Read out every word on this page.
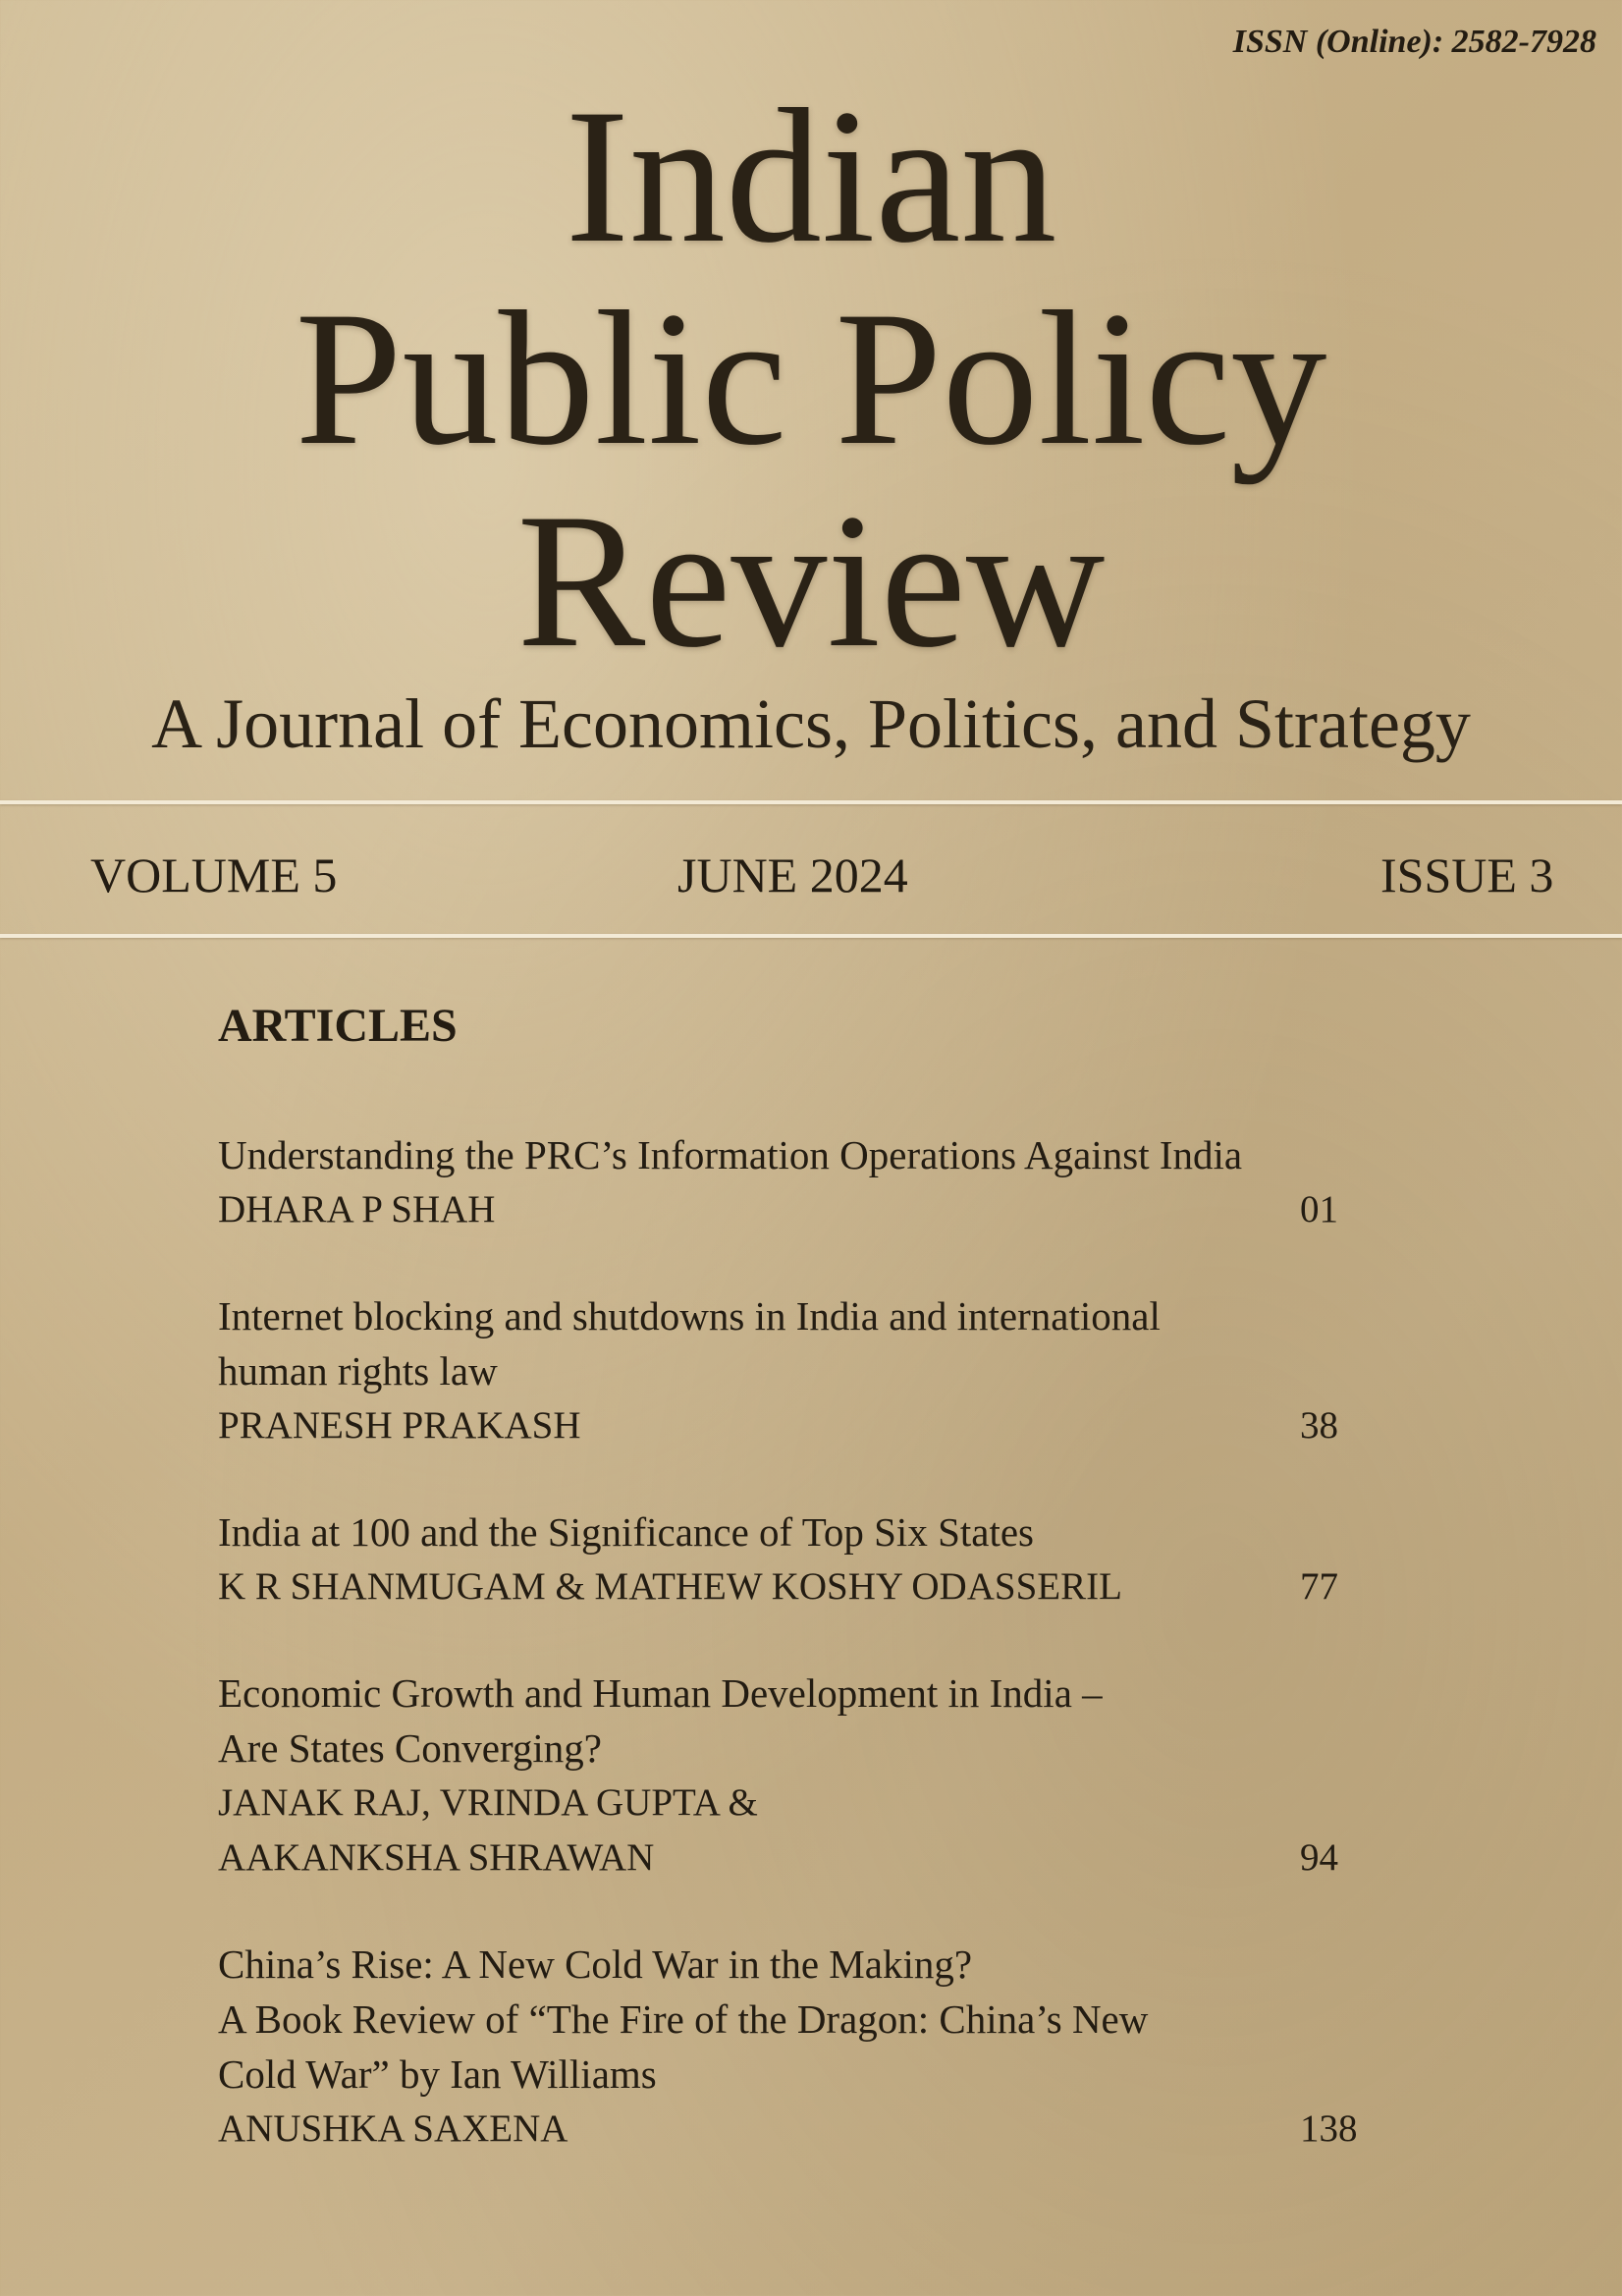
ISSN (Online): 2582-7928
Indian
Public Policy
Review
A Journal of Economics, Politics, and Strategy
VOLUME 5	JUNE 2024	ISSUE 3
ARTICLES

Understanding the PRC’s Information Operations Against India

DHARA P SHAH	01

Internet blocking and shutdowns in India and international

human rights law

PRANESH PRAKASH	38

India at 100 and the Significance of Top Six States

K R SHANMUGAM & MATHEW KOSHY ODASSERIL	77

Economic Growth and Human Development in India –

Are States Converging?

JANAK RAJ, VRINDA GUPTA &

AAKANKSHA SHRAWAN	94

China’s Rise: A New Cold War in the Making?

A Book Review of “The Fire of the Dragon: China’s New

Cold War” by Ian Williams

ANUSHKA SAXENA	138
